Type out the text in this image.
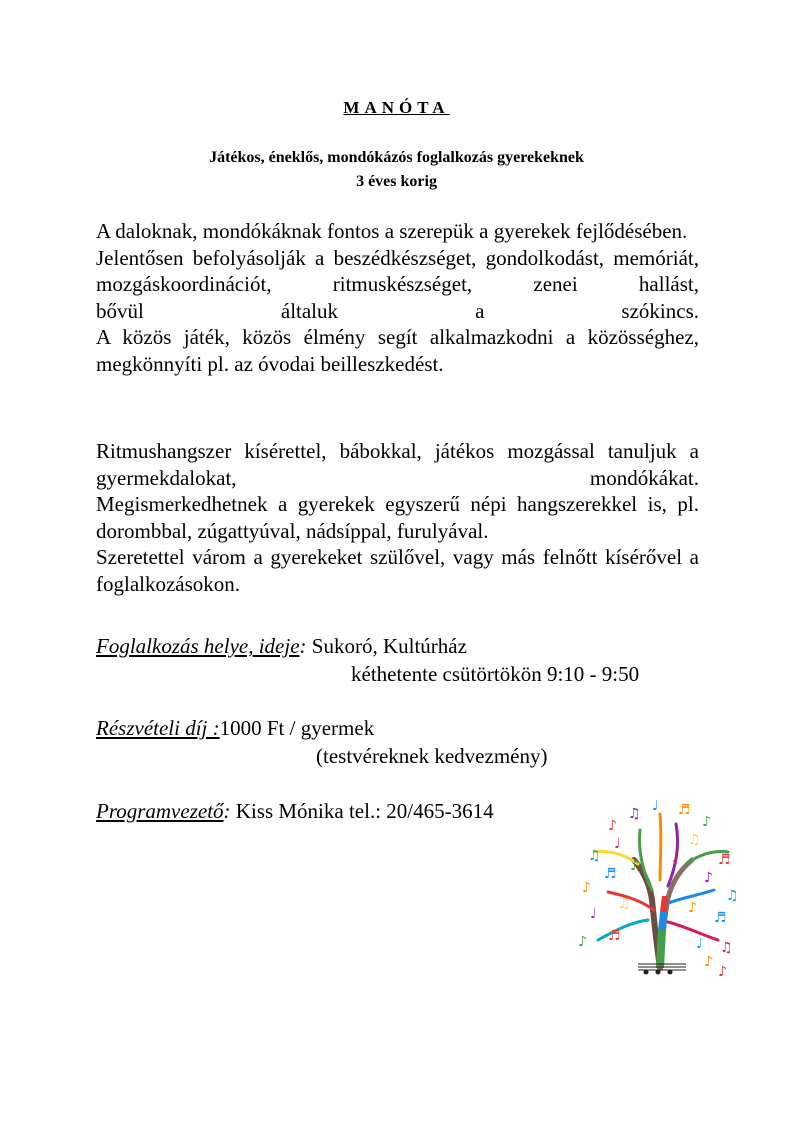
MANÓTA
Játékos, éneklős, mondókázós foglalkozás gyerekeknek
3 éves korig

A daloknak, mondókáknak fontos a szerepük a gyerekek fejlődésében.

Jelentősen befolyásolják a beszédkészséget, gondolkodást, memóriát, mozgáskoordinációt, ritmuskészséget, zenei hallást,

bővül általuk a szókincs.

A közös játék, közös élmény segít alkalmazkodni a közösséghez, megkönnyíti pl. az óvodai beilleszkedést.

Ritmushangszer kísérettel, bábokkal, játékos mozgással tanuljuk a gyermekdalokat, mondókákat.

Megismerkedhetnek a gyerekek egyszerű népi hangszerekkel is, pl. dorombbal, zúgattyúval, nádsíppal, furulyával.

Szeretettel várom a gyerekeket szülővel, vagy más felnőtt kísérővel a foglalkozásokon.

Foglalkozás helye, ideje: Sukoró, Kultúrház
kéthetente csütörtökön 9:10 - 9:50
Részvételi díj :1000 Ft / gyermek
(testvéreknek kedvezmény)
Programvezető: Kiss Mónika tel.: 20/465-3614
♪
♫ ♩ ♬
♪
♫
♩	♫
♬
♪
♬ ♪ ♩
♪
♫
♩
♫	♪
♬
♪ ♬	♩ ♫
♪
♪
